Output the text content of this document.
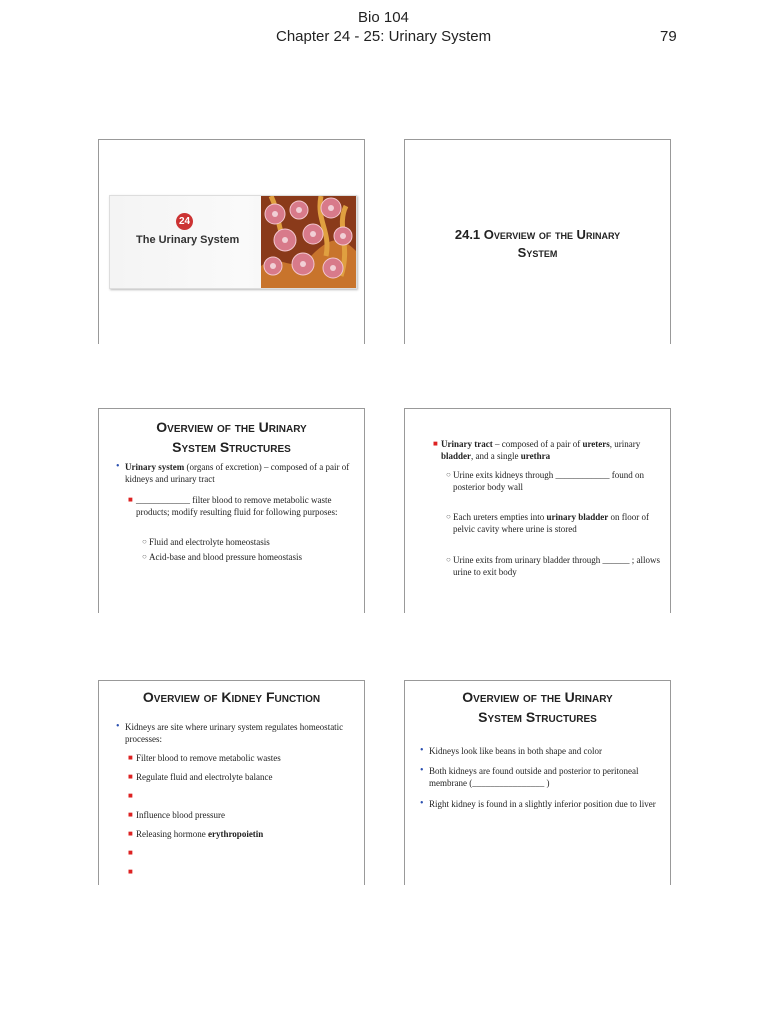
Bio 104
Chapter 24 - 25: Urinary System	79
24
The Urinary System	24.1 Overview of the Urinary
System
Overview of the Urinary
System Structures
• Urinary system (organs of excretion) – composed of a pair of kidneys and urinary tract
■ ____________ filter blood to remove metabolic waste products; modify resulting fluid for following purposes:
○ Fluid and electrolyte homeostasis
○ Acid-base and blood pressure homeostasis
■ Urinary tract – composed of a pair of ureters, urinary bladder, and a single urethra
○ Urine exits kidneys through ____________ found on posterior body wall
○ Each ureters empties into urinary bladder on floor of pelvic cavity where urine is stored
○ Urine exits from urinary bladder through ______ ; allows urine to exit body
Overview of Kidney Function
• Kidneys are site where urinary system regulates homeostatic processes:
■ Filter blood to remove metabolic wastes
■ Regulate fluid and electrolyte balance
■
■ Influence blood pressure
■ Releasing hormone erythropoietin
■
■
Overview of the Urinary
System Structures
• Kidneys look like beans in both shape and color
• Both kidneys are found outside and posterior to peritoneal membrane (________________ )
• Right kidney is found in a slightly inferior position due to liver
